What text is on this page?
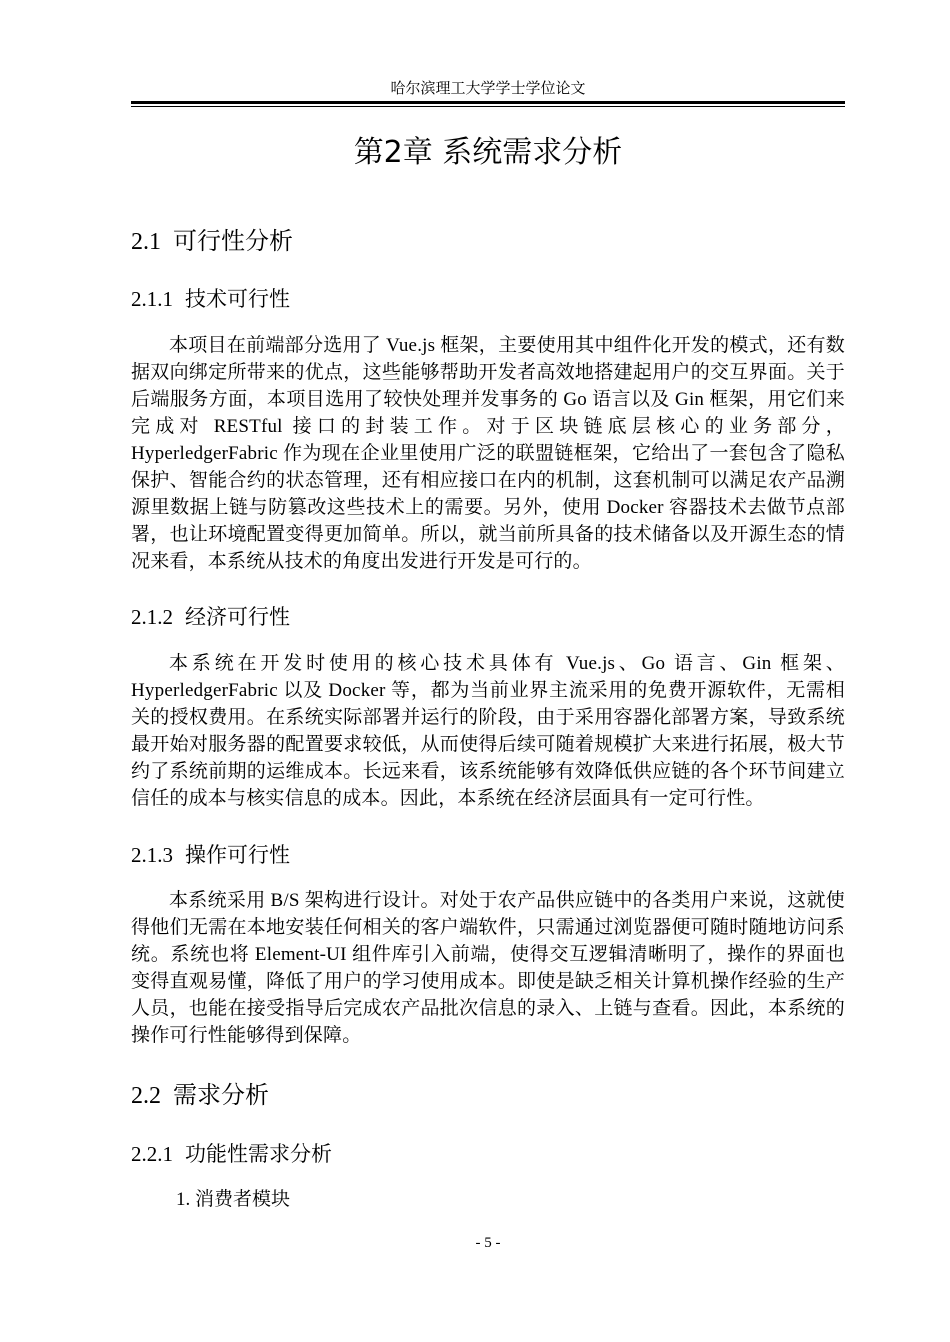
哈尔滨理工大学学士学位论文
第2章 系统需求分析
2.1 可行性分析
2.1.1 技术可行性

本项目在前端部分选用了 Vue.js 框架，主要使用其中组件化开发的模式，还有数据双向绑定所带来的优点，这些能够帮助开发者高效地搭建起用户的交互界面。关于后端服务方面，本项目选用了较快处理并发事务的 Go 语言以及 Gin 框架，用它们来完成对 RESTful 接口的封装工作。对于区块链底层核心的业务部分，HyperledgerFabric 作为现在企业里使用广泛的联盟链框架，它给出了一套包含了隐私保护、智能合约的状态管理，还有相应接口在内的机制，这套机制可以满足农产品溯源里数据上链与防篡改这些技术上的需要。另外，使用 Docker 容器技术去做节点部署，也让环境配置变得更加简单。所以，就当前所具备的技术储备以及开源生态的情况来看，本系统从技术的角度出发进行开发是可行的。

2.1.2 经济可行性

本系统在开发时使用的核心技术具体有 Vue.js、Go 语言、Gin 框架、HyperledgerFabric 以及 Docker 等，都为当前业界主流采用的免费开源软件，无需相关的授权费用。在系统实际部署并运行的阶段，由于采用容器化部署方案，导致系统最开始对服务器的配置要求较低，从而使得后续可随着规模扩大来进行拓展，极大节约了系统前期的运维成本。长远来看，该系统能够有效降低供应链的各个环节间建立信任的成本与核实信息的成本。因此，本系统在经济层面具有一定可行性。

2.1.3 操作可行性

本系统采用 B/S 架构进行设计。对处于农产品供应链中的各类用户来说，这就使得他们无需在本地安装任何相关的客户端软件，只需通过浏览器便可随时随地访问系统。系统也将 Element-UI 组件库引入前端，使得交互逻辑清晰明了，操作的界面也变得直观易懂，降低了用户的学习使用成本。即使是缺乏相关计算机操作经验的生产人员，也能在接受指导后完成农产品批次信息的录入、上链与查看。因此，本系统的操作可行性能够得到保障。

2.2 需求分析
2.2.1 功能性需求分析
1. 消费者模块
- 5 -
